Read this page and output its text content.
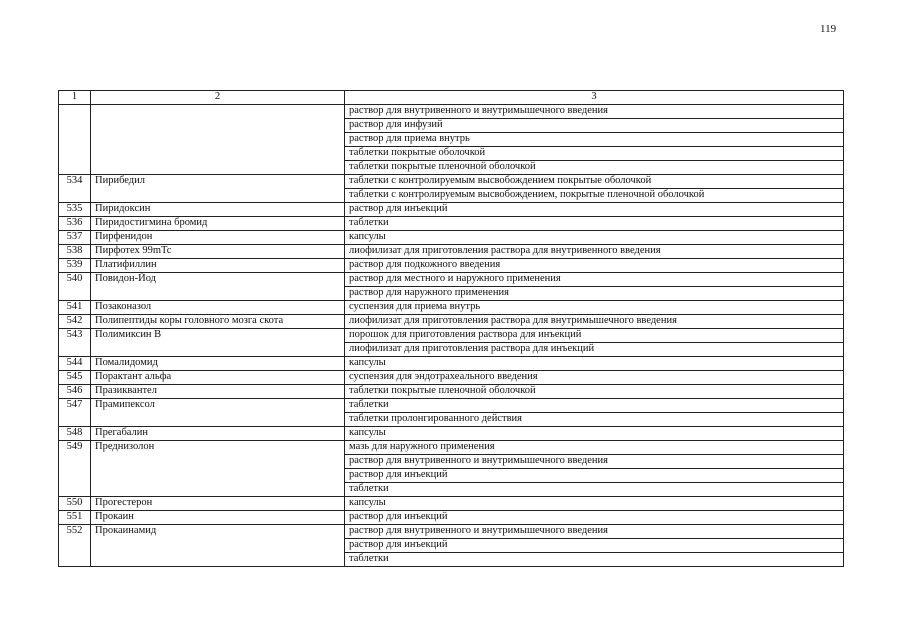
119
1	2	3
		раствор для внутривенного и внутримышечного введения
		раствор для инфузий
		раствор для приема внутрь
		таблетки покрытые оболочкой
		таблетки покрытые пленочной оболочкой
534	Пирибедил	таблетки с контролируемым высвобождением покрытые оболочкой
		таблетки с контролируемым высвобождением, покрытые пленочной оболочкой
535	Пиридоксин	раствор для инъекций
536	Пиридостигмина бромид	таблетки
537	Пирфенидон	капсулы
538	Пирфотех 99mTc	лиофилизат для приготовления раствора для внутривенного введения
539	Платифиллин	раствор для подкожного введения
540	Повидон-Йод	раствор для местного и наружного применения
		раствор для наружного применения
541	Позаконазол	суспензия для приема внутрь
542	Полипептиды коры головного мозга скота	лиофилизат для приготовления раствора для внутримышечного введения
543	Полимиксин В	порошок для приготовления раствора для инъекций
		лиофилизат для приготовления раствора для инъекций
544	Помалидомид	капсулы
545	Порактант альфа	суспензия для эндотрахеального введения
546	Празиквантел	таблетки покрытые пленочной оболочкой
547	Прамипексол	таблетки
		таблетки пролонгированного действия
548	Прегабалин	капсулы
549	Преднизолон	мазь для наружного применения
		раствор для внутривенного и внутримышечного введения
		раствор для инъекций
		таблетки
550	Прогестерон	капсулы
551	Прокаин	раствор для инъекций
552	Прокаинамид	раствор для внутривенного и внутримышечного введения
		раствор для инъекций
		таблетки
